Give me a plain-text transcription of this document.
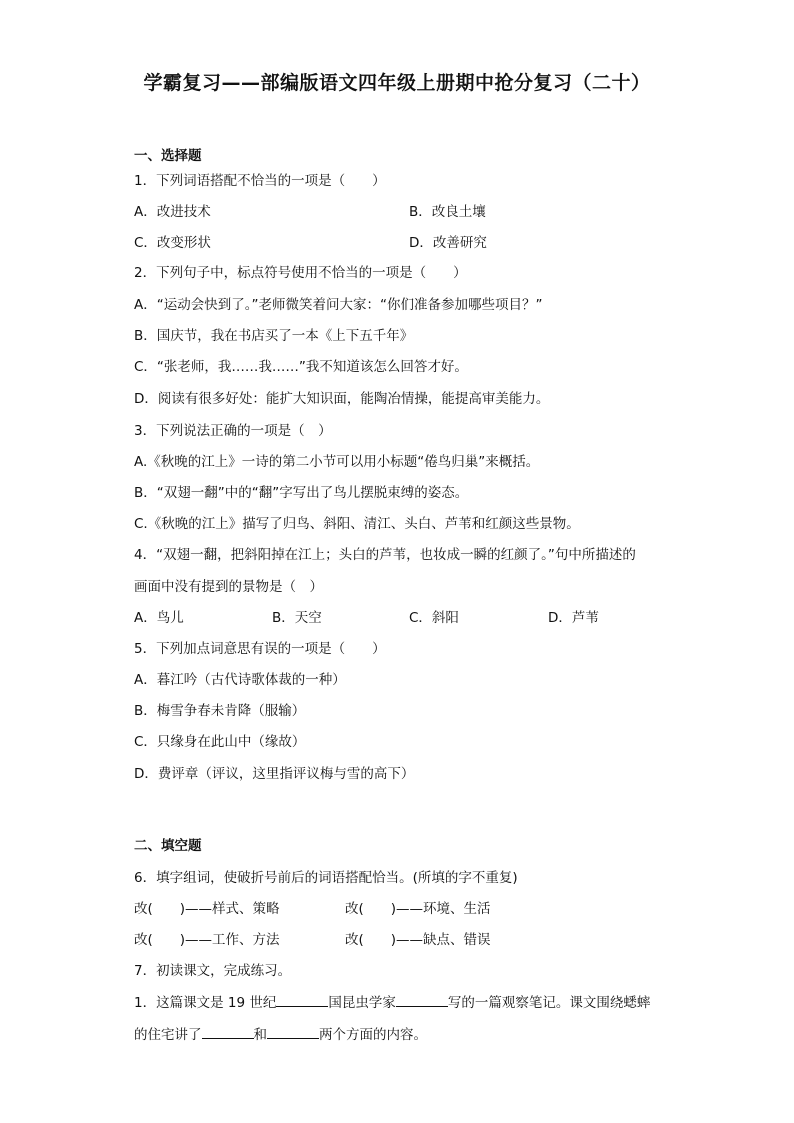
学霸复习——部编版语文四年级上册期中抢分复习（二十）
一、选择题
1．下列词语搭配不恰当的一项是（　　）
A．改进技术	B．改良土壤
C．改变形状	D．改善研究
2．下列句子中，标点符号使用不恰当的一项是（　　）
A．“运动会快到了。”老师微笑着问大家：“你们准备参加哪些项目？”
B．国庆节，我在书店买了一本《上下五千年》
C．“张老师，我……我……”我不知道该怎么回答才好。
D．阅读有很多好处：能扩大知识面，能陶冶情操，能提高审美能力。
3．下列说法正确的一项是（　）
A.《秋晚的江上》一诗的第二小节可以用小标题“倦鸟归巢”来概括。
B．“双翅一翻”中的“翻”字写出了鸟儿摆脱束缚的姿态。
C.《秋晚的江上》描写了归鸟、斜阳、清江、头白、芦苇和红颜这些景物。
4．“双翅一翻，把斜阳掉在江上；头白的芦苇，也妆成一瞬的红颜了。”句中所描述的
画面中没有提到的景物是（　）
A．鸟儿	B．天空	C．斜阳	D．芦苇
5．下列加点词意思有误的一项是（　　）
A．暮江吟（古代诗歌体裁的一种）
B．梅雪争春未肯降（服输）
C．只缘身在此山中（缘故）
D．费评章（评议，这里指评议梅与雪的高下）
二、填空题
6．填字组词，使破折号前后的词语搭配恰当。(所填的字不重复)
改(　　)——样式、策略	改(　　)——环境、生活
改(　　)——工作、方法	改(　　)——缺点、错误
7．初读课文，完成练习。
1．这篇课文是 19 世纪	国昆虫学家	写的一篇观察笔记。课文围绕蟋蟀
的住宅讲了	和	两个方面的内容。
